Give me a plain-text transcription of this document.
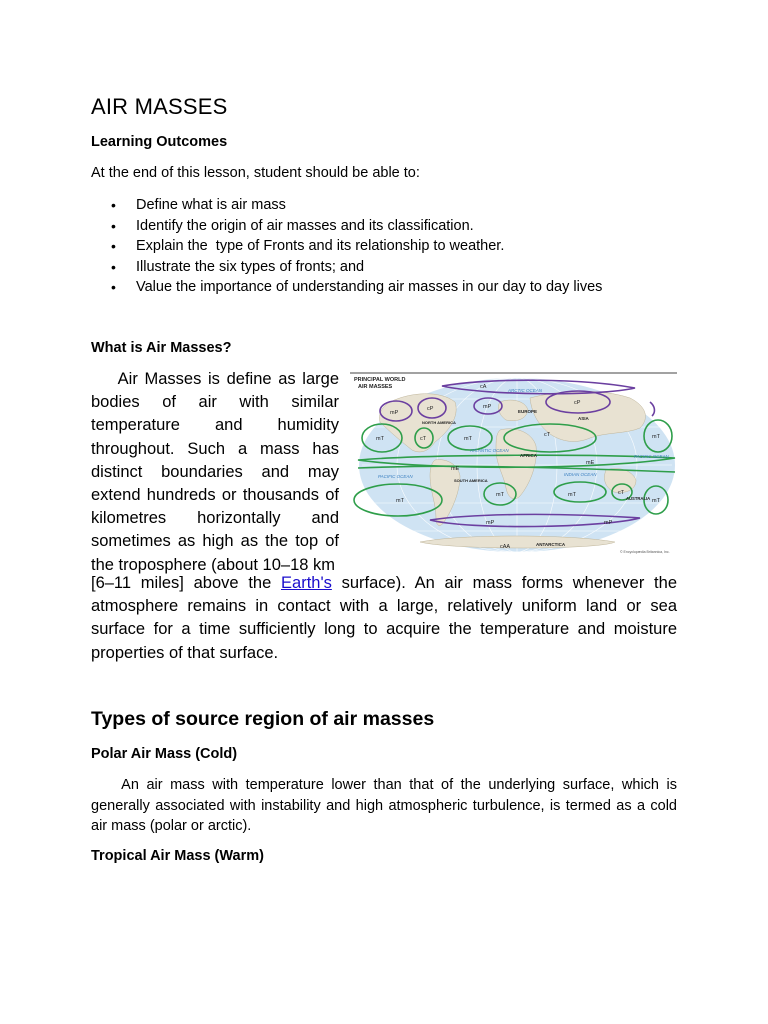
AIR MASSES
Learning Outcomes
At the end of this lesson, student should be able to:
• Define what is air mass
• Identify the origin of air masses and its classification.
• Explain the  type of Fronts and its relationship to weather.
• Illustrate the six types of fronts; and
• Value the importance of understanding air masses in our day to day lives
What is Air Masses?
PRINCIPAL WORLD
AIR MASSES
EUROPE
ASIA
NORTH AMERICA
AFRICA
SOUTH AMERICA
AUSTRALIA
ANTARCTICA
ARCTIC OCEAN
ATLANTIC OCEAN
PACIFIC OCEAN
PACIFIC OCEAN
INDIAN OCEAN
cA
mP
cP	mP
cP
mT	cT	mT
cT	mT
mE
mE
mT
mT	mT	cT
mT
mP	mP
cAA
© Encyclopædia Britannica, Inc.
Air Masses is define as large bodies of air with similar temperature and humidity throughout. Such a mass has distinct boundaries and may extend hundreds or thousands of kilometres horizontally and sometimes as high as the top of the troposphere (about 10–18 km
[6–11 miles] above the Earth's surface). An air mass forms whenever the atmosphere remains in contact with a large, relatively uniform land or sea surface for a time sufficiently long to acquire the temperature and moisture properties of that surface.
Types of source region of air masses
Polar Air Mass (Cold)
An air mass with temperature lower than that of the underlying surface, which is generally associated with instability and high atmospheric turbulence, is termed as a cold air mass (polar or arctic).
Tropical Air Mass (Warm)
